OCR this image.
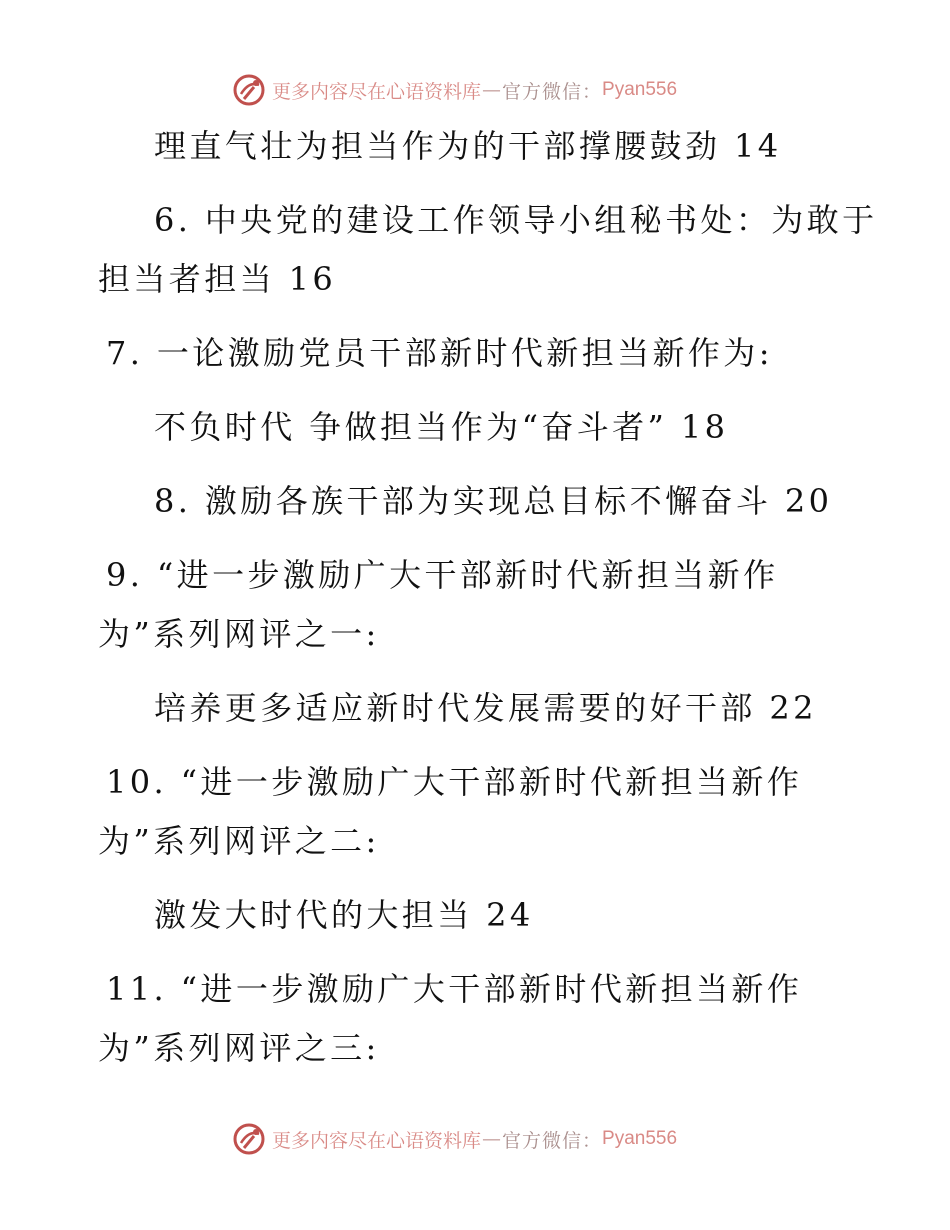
更多内容尽在心语资料库 — 官方微信： Pyan556
理直气壮为担当作为的干部撑腰鼓劲 14
6. 中央党的建设工作领导小组秘书处：为敢于
担当者担当 16
7. 一论激励党员干部新时代新担当新作为:
不负时代 争做担当作为“奋斗者” 18
8. 激励各族干部为实现总目标不懈奋斗 20
9. “进一步激励广大干部新时代新担当新作
为”系列网评之一:
培养更多适应新时代发展需要的好干部 22
10. “进一步激励广大干部新时代新担当新作
为”系列网评之二:
激发大时代的大担当 24
11. “进一步激励广大干部新时代新担当新作
为”系列网评之三:
更多内容尽在心语资料库 — 官方微信： Pyan556
